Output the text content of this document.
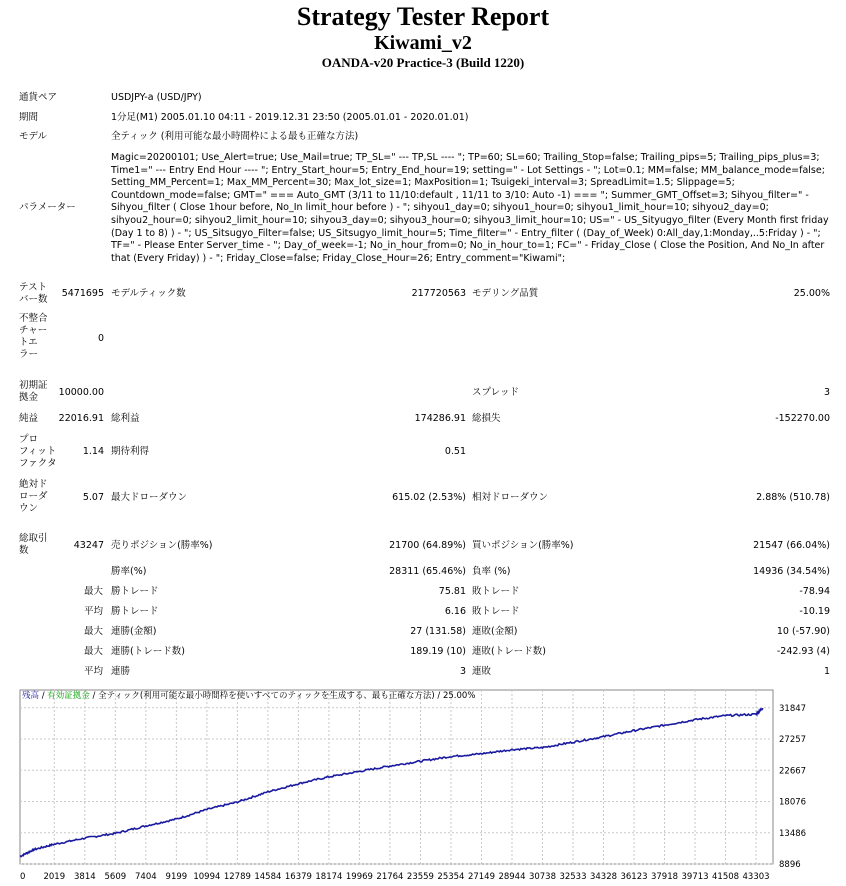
Strategy Tester Report
Kiwami_v2
OANDA-v20 Practice-3 (Build 1220)
通貨ペア	USDJPY-a (USD/JPY)
期間	1分足(M1) 2005.01.10 04:11 - 2019.12.31 23:50 (2005.01.01 - 2020.01.01)
モデル	全ティック (利用可能な最小時間枠による最も正確な方法)
パラメーター
Magic=20200101; Use_Alert=true; Use_Mail=true; TP_SL=" --- TP,SL ---- "; TP=60; SL=60; Trailing_Stop=false; Trailing_pips=5; Trailing_pips_plus=3; Time1=" --- Entry End Hour ---- "; Entry_Start_hour=5; Entry_End_hour=19; setting=" - Lot Settings - "; Lot=0.1; MM=false; MM_balance_mode=false; Setting_MM_Percent=1; Max_MM_Percent=30; Max_lot_size=1; MaxPosition=1; Tsuigeki_interval=3; SpreadLimit=1.5; Slippage=5; Countdown_mode=false; GMT=" === Auto_GMT (3/11 to 11/10:default , 11/11 to 3/10: Auto -1) === "; Summer_GMT_Offset=3; Sihyou_filter=" - Sihyou_filter ( Close 1hour before, No_In limit_hour before ) - "; sihyou1_day=0; sihyou1_hour=0; sihyou1_limit_hour=10; sihyou2_day=0; sihyou2_hour=0; sihyou2_limit_hour=10; sihyou3_day=0; sihyou3_hour=0; sihyou3_limit_hour=10; US=" - US_Sityugyo_filter (Every Month first friday (Day 1 to 8) ) - "; US_Sitsugyo_Filter=false; US_Sitsugyo_limit_hour=5; Time_filter=" - Entry_filter ( (Day_of_Week) 0:All_day,1:Monday,..5:Friday ) - "; TF=" - Please Enter Server_time - "; Day_of_week=-1; No_in_hour_from=0; No_in_hour_to=1; FC=" - Friday_Close ( Close the Position, And No_In after that (Every Friday) ) - "; Friday_Close=false; Friday_Close_Hour=26; Entry_comment="Kiwami";
テスト
バー数
5471695 モデルティック数	217720563 モデリング品質	25.00%
不整合
チャー
トエ
ラー
0
初期証
拠金	10000.00	スプレッド	3
純益	22016.91 総利益	174286.91 総損失	-152270.00
プロ
フィット
ファクタ
1.14 期待利得	0.51
絶対ド
ローダ
ウン
5.07 最大ドローダウン	615.02 (2.53%) 相対ドローダウン	2.88% (510.78)
総取引
数	43247 売りポジション(勝率%)	21700 (64.89%) 買いポジション(勝率%)	21547 (66.04%)
勝率(%)	28311 (65.46%) 負率 (%)	14936 (34.54%)
最大 勝トレード	75.81 敗トレード	-78.94
平均 勝トレード	6.16 敗トレード	-10.19
最大 連勝(金額)	27 (131.58) 連敗(金額)	10 (-57.90)
最大 連勝(トレード数)	189.19 (10) 連敗(トレード数)	-242.93 (4)
平均 連勝	3 連敗	1
0 2019 3814 5609 7404 9199 10994 12789 14584 16379 18174 19969 21764 23559 25354 27149 28944 30738 32533 34328 36123 37918 39713 41508 43303
31847
27257
22667
18076
13486
8896
残高 / 有効証拠金 / 全ティック(利用可能な最小時間枠を使いすべてのティックを生成する、最も正確な方法) / 25.00%
